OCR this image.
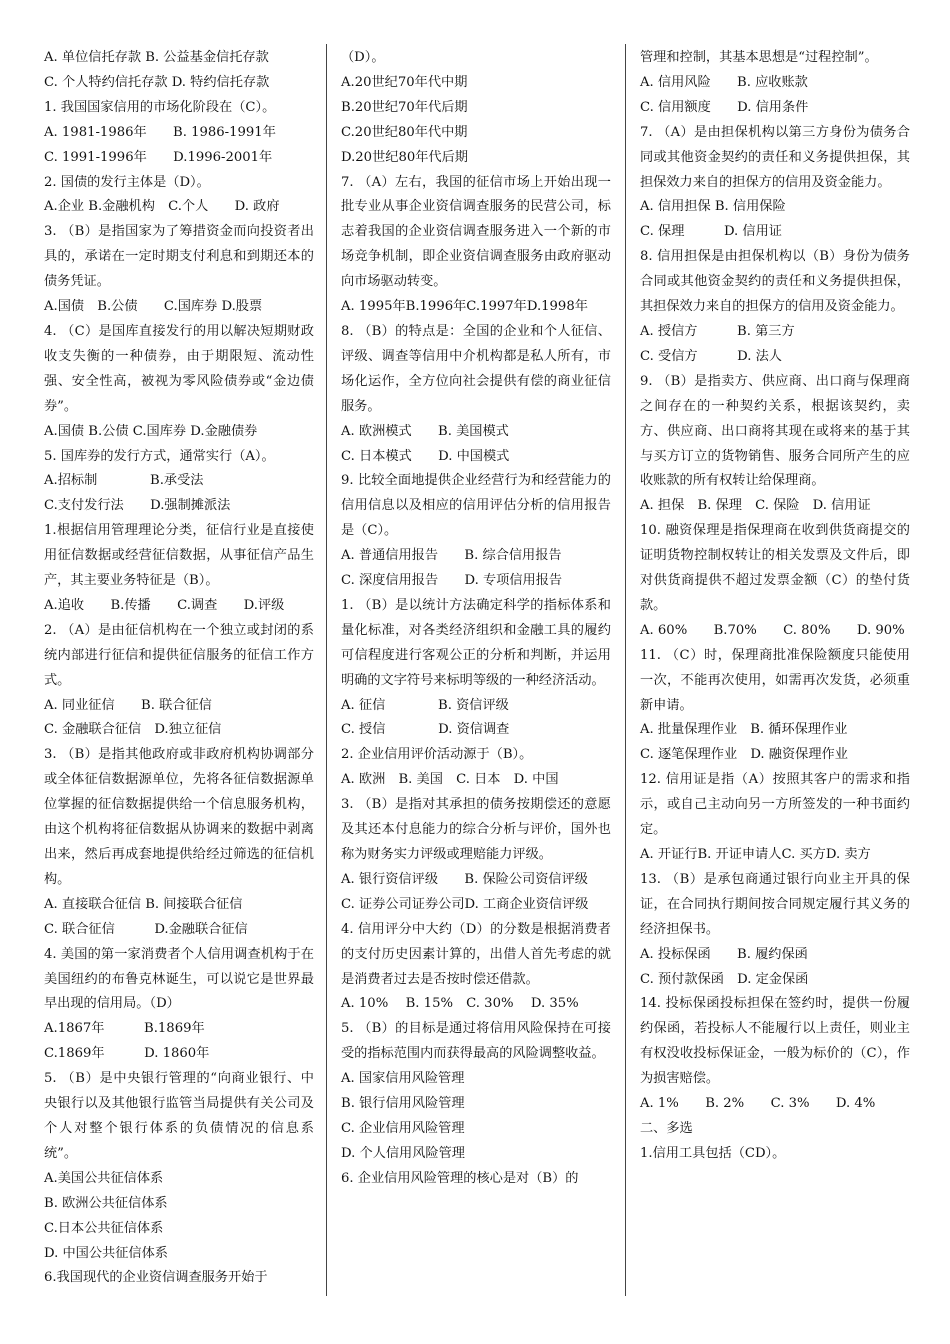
A. 单位信托存款 B. 公益基金信托存款

C. 个人特约信托存款 D. 特约信托存款

1. 我国国家信用的市场化阶段在（C）。

A. 1981-1986年　　B. 1986-1991年

C. 1991-1996年　　D.1996-2001年

2. 国债的发行主体是（D）。

A.企业 B.金融机构　C.个人　　D. 政府

3. （B）是指国家为了筹措资金而向投资者出具的，承诺在一定时期支付利息和到期还本的债务凭证。

A.国债　B.公债　　C.国库券 D.股票

4. （C）是国库直接发行的用以解决短期财政收支失衡的一种债券，由于期限短、流动性强、安全性高，被视为零风险债券或“金边债券”。

A.国债 B.公债 C.国库券 D.金融债券

5. 国库券的发行方式，通常实行（A）。

A.招标制　　　　B.承受法

C.支付发行法　　D.强制摊派法

1.根据信用管理理论分类，征信行业是直接使用征信数据或经营征信数据，从事征信产品生产，其主要业务特征是（B）。

A.追收　　B.传播　　C.调查　　D.评级

2. （A）是由征信机构在一个独立或封闭的系统内部进行征信和提供征信服务的征信工作方式。

A. 同业征信　　B. 联合征信

C. 金融联合征信　D.独立征信

3. （B）是指其他政府或非政府机构协调部分或全体征信数据源单位，先将各征信数据源单位掌握的征信数据提供给一个信息服务机构，由这个机构将征信数据从协调来的数据中剥离出来，然后再成套地提供给经过筛选的征信机构。

A. 直接联合征信 B. 间接联合征信

C. 联合征信　　　D.金融联合征信

4. 美国的第一家消费者个人信用调查机构于在美国纽约的布鲁克林诞生，可以说它是世界最早出现的信用局。（D）

A.1867年　　　B.1869年

C.1869年　　　D. 1860年

5. （B）是中央银行管理的“向商业银行、中央银行以及其他银行监管当局提供有关公司及个人对整个银行体系的负债情况的信息系统”。

A.美国公共征信体系

B. 欧洲公共征信体系

C.日本公共征信体系

D. 中国公共征信体系

6.我国现代的企业资信调查服务开始于

（D）。

A.20世纪70年代中期

B.20世纪70年代后期

C.20世纪80年代中期

D.20世纪80年代后期

7. （A）左右，我国的征信市场上开始出现一批专业从事企业资信调查服务的民营公司，标志着我国的企业资信调查服务进入一个新的市场竞争机制，即企业资信调查服务由政府驱动向市场驱动转变。

A. 1995年B.1996年C.1997年D.1998年

8. （B）的特点是：全国的企业和个人征信、评级、调查等信用中介机构都是私人所有，市场化运作，全方位向社会提供有偿的商业征信服务。

A. 欧洲模式　　B. 美国模式

C. 日本模式　　D. 中国模式

9. 比较全面地提供企业经营行为和经营能力的信用信息以及相应的信用评估分析的信用报告是（C）。

A. 普通信用报告　　B. 综合信用报告

C. 深度信用报告　　D. 专项信用报告

1. （B）是以统计方法确定科学的指标体系和量化标准，对各类经济组织和金融工具的履约可信程度进行客观公正的分析和判断，并运用明确的文字符号来标明等级的一种经济活动。

A. 征信　　　　B. 资信评级

C. 授信　　　　D. 资信调查

2. 企业信用评价活动源于（B）。

A. 欧洲　B. 美国　C. 日本　D. 中国

3. （B）是指对其承担的债务按期偿还的意愿及其还本付息能力的综合分析与评价，国外也称为财务实力评级或理赔能力评级。

A. 银行资信评级　　B. 保险公司资信评级

C. 证券公司证券公司D. 工商企业资信评级

4. 信用评分中大约（D）的分数是根据消费者的支付历史因素计算的，出借人首先考虑的就是消费者过去是否按时偿还借款。

A. 10%　 B. 15%　C. 30%　 D. 35%

5. （B）的目标是通过将信用风险保持在可接受的指标范围内而获得最高的风险调整收益。

A. 国家信用风险管理

B. 银行信用风险管理

C. 企业信用风险管理

D. 个人信用风险管理

6. 企业信用风险管理的核心是对（B）的

管理和控制，其基本思想是“过程控制”。

A. 信用风险　　B. 应收账款

C. 信用额度　　D. 信用条件

7. （A）是由担保机构以第三方身份为债务合同或其他资金契约的责任和义务提供担保，其担保效力来自的担保方的信用及资金能力。

A. 信用担保 B. 信用保险

C. 保理　　　D. 信用证

8. 信用担保是由担保机构以（B）身份为债务合同或其他资金契约的责任和义务提供担保，其担保效力来自的担保方的信用及资金能力。

A. 授信方　　　B. 第三方

C. 受信方　　　D. 法人

9. （B）是指卖方、供应商、出口商与保理商之间存在的一种契约关系，根据该契约，卖方、供应商、出口商将其现在或将来的基于其与买方订立的货物销售、服务合同所产生的应收账款的所有权转让给保理商。

A. 担保　B. 保理　C. 保险　D. 信用证

10. 融资保理是指保理商在收到供货商提交的证明货物控制权转让的相关发票及文件后，即对供货商提供不超过发票金额（C）的垫付货款。

A. 60%　　B.70%　　C. 80%　　D. 90%

11. （C）时，保理商批准保险额度只能使用一次，不能再次使用，如需再次发货，必须重新申请。

A. 批量保理作业　B. 循环保理作业

C. 逐笔保理作业　D. 融资保理作业

12. 信用证是指（A）按照其客户的需求和指示，或自己主动向另一方所签发的一种书面约定。

A. 开证行B. 开证申请人C. 买方D. 卖方

13. （B）是承包商通过银行向业主开具的保证，在合同执行期间按合同规定履行其义务的经济担保书。

A. 投标保函　　B. 履约保函

C. 预付款保函　D. 定金保函

14. 投标保函投标担保在签约时，提供一份履约保函，若投标人不能履行以上责任，则业主有权没收投标保证金，一般为标价的（C），作为损害赔偿。

A. 1%　　B. 2%　　C. 3%　　D. 4%

二、多选

1.信用工具包括（CD）。
